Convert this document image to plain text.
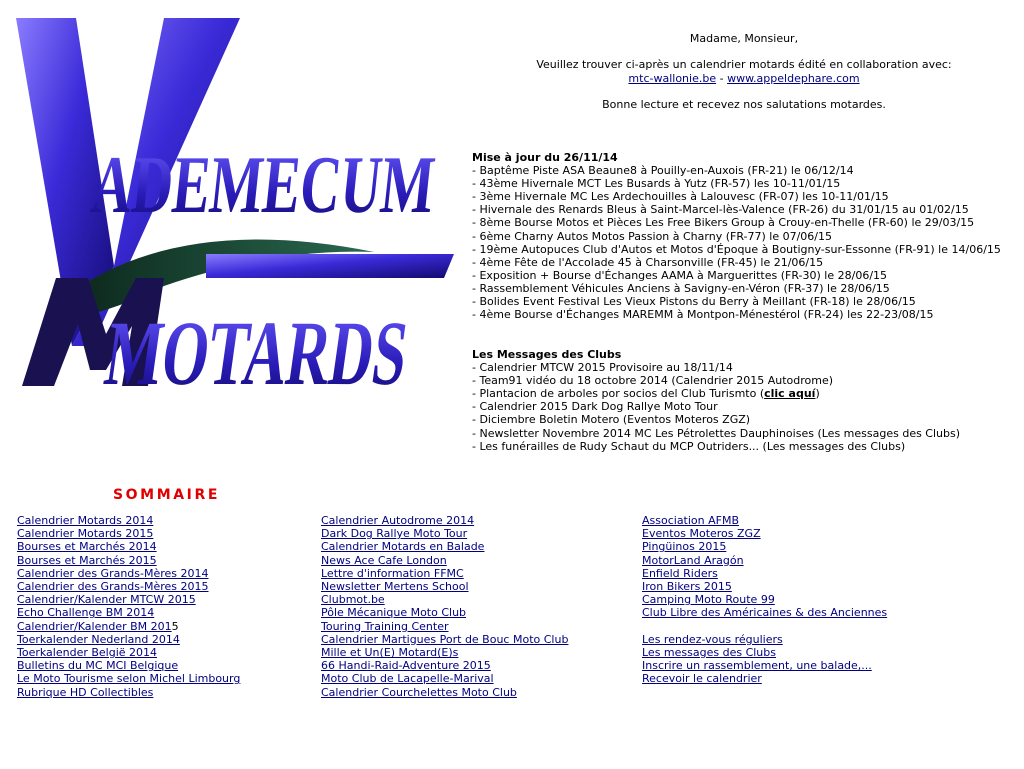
ADEMECUM
MOTARDS

Madame, Monsieur,

Veuillez trouver ci-après un calendrier motards édité en collaboration avec:

mtc-wallonie.be - www.appeldephare.com

Bonne lecture et recevez nos salutations motardes.

Mise à jour du 26/11/14
- Baptême Piste ASA Beaune8 à Pouilly-en-Auxois (FR-21) le 06/12/14
- 43ème Hivernale MCT Les Busards à Yutz (FR-57) les 10-11/01/15
- 3ème Hivernale MC Les Ardechouilles à Lalouvesc (FR-07) les 10-11/01/15
- Hivernale des Renards Bleus à Saint-Marcel-lès-Valence (FR-26) du 31/01/15 au 01/02/15
- 8ème Bourse Motos et Pièces Les Free Bikers Group à Crouy-en-Thelle (FR-60) le 29/03/15
- 6ème Charny Autos Motos Passion à Charny (FR-77) le 07/06/15
- 19ème Autopuces Club d'Autos et Motos d'Époque à Boutigny-sur-Essonne (FR-91) le 14/06/15
- 4ème Fête de l'Accolade 45 à Charsonville (FR-45) le 21/06/15
- Exposition + Bourse d'Échanges AAMA à Marguerittes (FR-30) le 28/06/15
- Rassemblement Véhicules Anciens à Savigny-en-Véron (FR-37) le 28/06/15
- Bolides Event Festival Les Vieux Pistons du Berry à Meillant (FR-18) le 28/06/15
- 4ème Bourse d'Échanges MAREMM à Montpon-Ménestérol (FR-24) les 22-23/08/15
Les Messages des Clubs
- Calendrier MTCW 2015 Provisoire au 18/11/14
- Team91 vidéo du 18 octobre 2014 (Calendrier 2015 Autodrome)
- Plantacion de arboles por socios del Club Turismto (clic aquí)
- Calendrier 2015 Dark Dog Rallye Moto Tour
- Diciembre Boletin Motero (Eventos Moteros ZGZ)
- Newsletter Novembre 2014 MC Les Pétrolettes Dauphinoises (Les messages des Clubs)
- Les funérailles de Rudy Schaut du MCP Outriders... (Les messages des Clubs)
SOMMAIRE
Calendrier Motards 2014
Calendrier Motards 2015
Bourses et Marchés 2014
Bourses et Marchés 2015
Calendrier des Grands-Mères 2014
Calendrier des Grands-Mères 2015
Calendrier/Kalender MTCW 2015
Echo Challenge BM 2014
Calendrier/Kalender BM 2015
Toerkalender Nederland 2014
Toerkalender België 2014
Bulletins du MC MCI Belgique
Le Moto Tourisme selon Michel Limbourg
Rubrique HD Collectibles
Calendrier Autodrome 2014
Dark Dog Rallye Moto Tour
Calendrier Motards en Balade
News Ace Cafe London
Lettre d'information FFMC
Newsletter Mertens School
Clubmot.be
Pôle Mécanique Moto Club
Touring Training Center
Calendrier Martigues Port de Bouc Moto Club
Mille et Un(E) Motard(E)s
66 Handi-Raid-Adventure 2015
Moto Club de Lacapelle-Marival
Calendrier Courchelettes Moto Club
Association AFMB
Eventos Moteros ZGZ
Pingüinos 2015
MotorLand Aragón
Enfield Riders
Iron Bikers 2015
Camping Moto Route 99
Club Libre des Américaines & des Anciennes
Les rendez-vous réguliers
Les messages des Clubs
Inscrire un rassemblement, une balade,...
Recevoir le calendrier
